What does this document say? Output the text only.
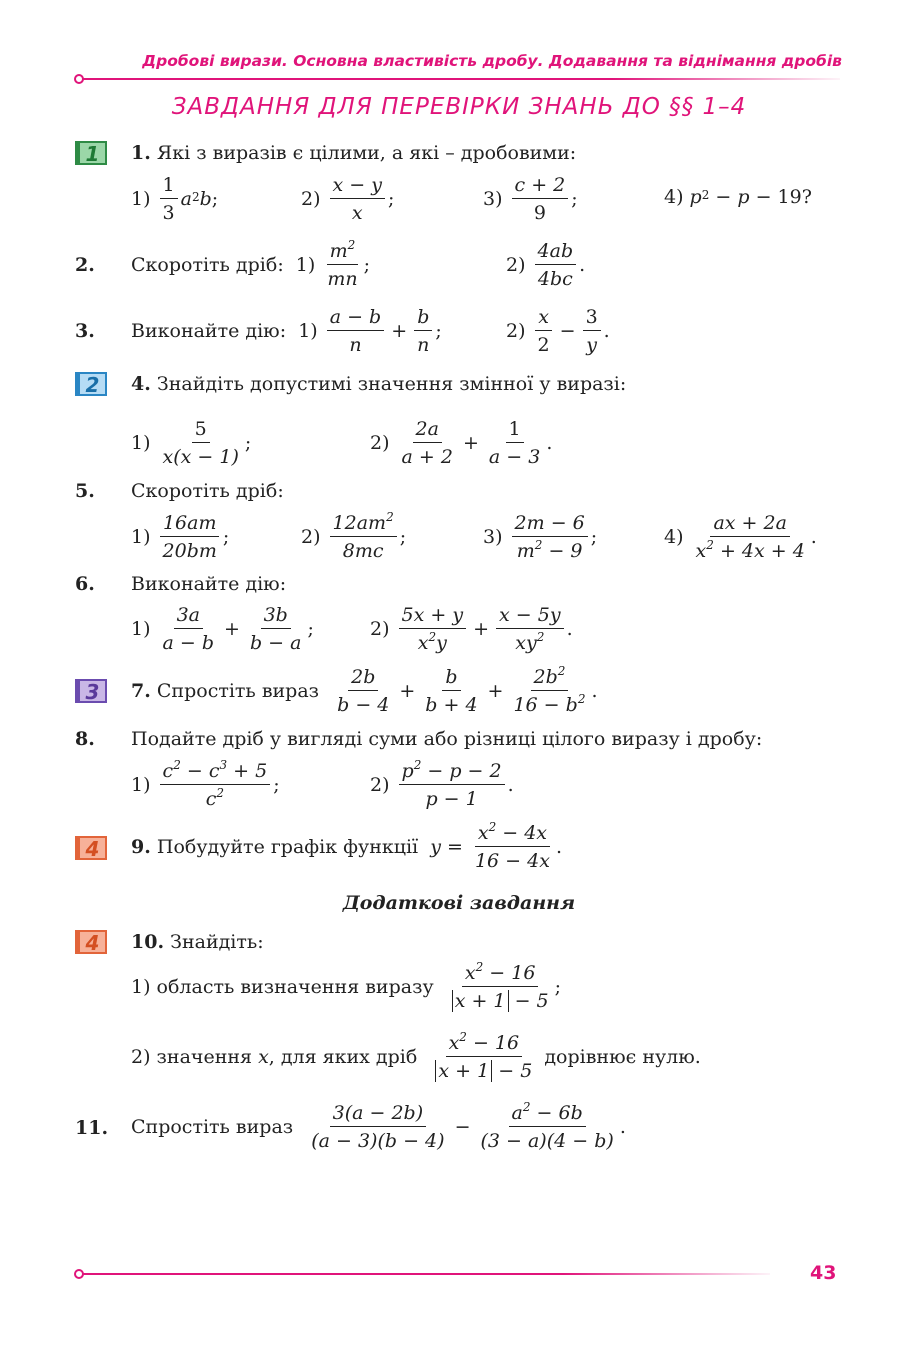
Дробові вирази. Основна властивість дробу. Додавання та віднімання дробів
ЗАВДАННЯ ДЛЯ ПЕРЕВІРКИ ЗНАНЬ ДО §§ 1–4
1	1.
Які з виразів є цілими, а які – дробовими:
$1) \frac{1}{3} a^2$ b ;	$2) \frac{x - y}{x}$ ;	$3) \frac{c + 2}{9}$ ;	4) $p^2 - p - 19$?
2. Скоротіть дріб: $1) \frac{m^2}{mn}$ ;	$2) \frac{4ab}{4bc}$ .
3. Виконайте дію: $1) \frac{a - b}{n} + \frac{b}{n}$ ;	$2) \frac{x}{2} - \frac{3}{y}$ .
2	4.
Знайдіть допустимі значення змінної у виразі:
$1) \frac{5}{x(x - 1)}$ ;	$2) \frac{2a}{a + 2} + \frac{1}{a - 3}$ .
5. Скоротіть дріб:
$1) \frac{16am}{20bm}$ ;	$2) \frac{12am^2}{8mc}$ ;	$3) \frac{2m - 6}{m^2 - 9}$ ;	$4) \frac{ax + 2a}{x^2 + 4x + 4}$ .
6. Виконайте дію:
$1) \frac{3a}{a - b} + \frac{3b}{b - a}$ ;	$2) \frac{5x + y}{x^2y} + \frac{x - 5y}{xy^2}$ .
3	7.
Спростіть вираз
$\frac{2b}{b - 4} + \frac{b}{b + 4} + \frac{2b^2}{16 - b^2}$ .
8. Подайте дріб у вигляді суми або різниці цілого виразу і дробу:
$1) \frac{c^2 - c^3 + 5}{c^2}$ ;	$2) \frac{p^2 - p - 2}{p - 1}$ .
4	9.
Побудуйте графік функції
$y = \frac{x^2 - 4x}{16 - 4x}$ .
Додаткові завдання
4	10.
Знайдіть:
1) область визначення виразу
$\frac{x^2 - 16}{x + 1 - 5}$ ;
2) значення
x , для яких дріб
$\frac{x^2 - 16}{x + 1 - 5}$
дорівнює нулю.
11. Спростіть вираз
$\frac{3(a - 2b)}{(a - 3)(b - 4)} - \frac{a^2 - 6b}{(3 - a)(4 - b)}$ .
43
